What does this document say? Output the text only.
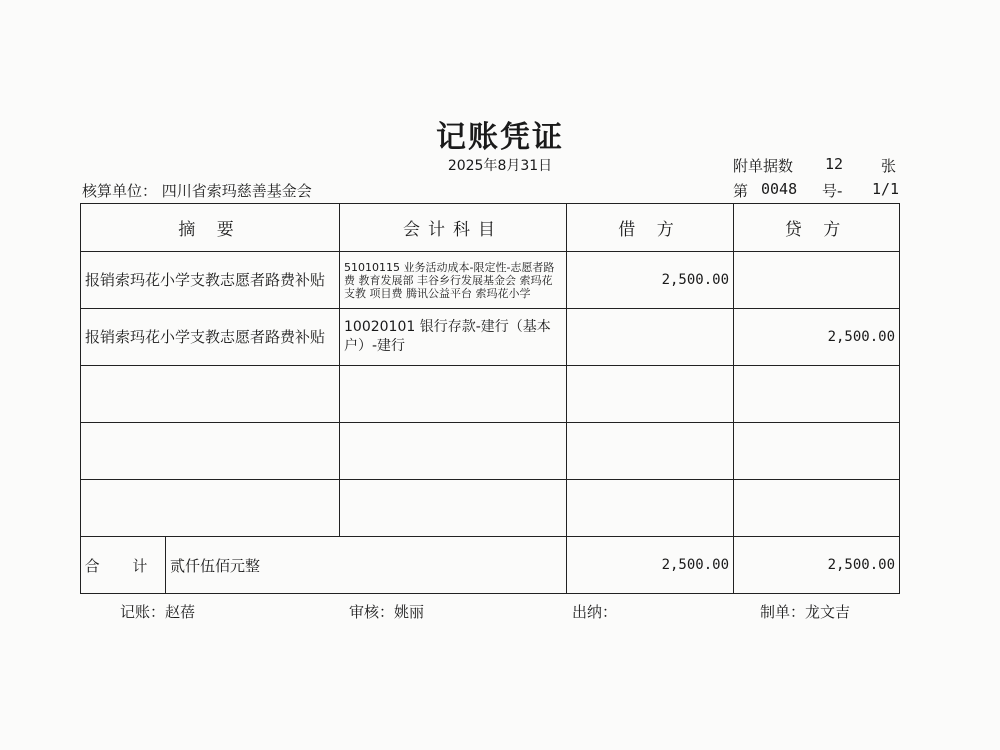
记账凭证
2025年8月31日	附单据数 12	张
核算单位： 四川省索玛慈善基金会	第 0048 号- 1/1
摘 要	会计科目	借 方	贷 方
报销索玛花小学支教志愿者路费补贴	51010115 业务活动成本-限定性-志愿者路费 教育发展部 丰谷乡行发展基金会 索玛花支教 项目费 腾讯公益平台 索玛花小学	2,500.00	
报销索玛花小学支教志愿者路费补贴	10020101 银行存款-建行（基本户）-建行		2,500.00

合 计 贰仟伍佰元整		2,500.00	2,500.00
记账：赵蓓	审核：姚丽	出纳：	制单：龙文吉
